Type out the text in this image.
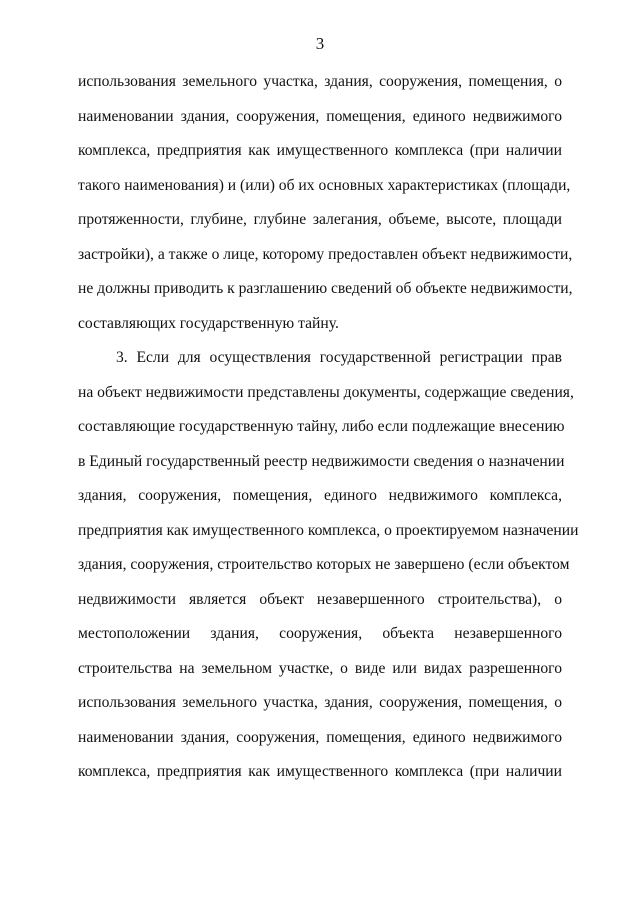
3
использования земельного участка, здания, сооружения, помещения, о
наименовании здания, сооружения, помещения, единого недвижимого
комплекса, предприятия как имущественного комплекса (при наличии
такого наименования) и (или) об их основных характеристиках (площади,
протяженности, глубине, глубине залегания, объеме, высоте, площади
застройки), а также о лице, которому предоставлен объект недвижимости,
не должны приводить к разглашению сведений об объекте недвижимости,
составляющих государственную тайну.
3. Если для осуществления государственной регистрации прав
на объект недвижимости представлены документы, содержащие сведения,
составляющие государственную тайну, либо если подлежащие внесению
в Единый государственный реестр недвижимости сведения о назначении
здания, сооружения, помещения, единого недвижимого комплекса,
предприятия как имущественного комплекса, о проектируемом назначении
здания, сооружения, строительство которых не завершено (если объектом
недвижимости является объект незавершенного строительства), о
местоположении здания, сооружения, объекта незавершенного
строительства на земельном участке, о виде или видах разрешенного
использования земельного участка, здания, сооружения, помещения, о
наименовании здания, сооружения, помещения, единого недвижимого
комплекса, предприятия как имущественного комплекса (при наличии
